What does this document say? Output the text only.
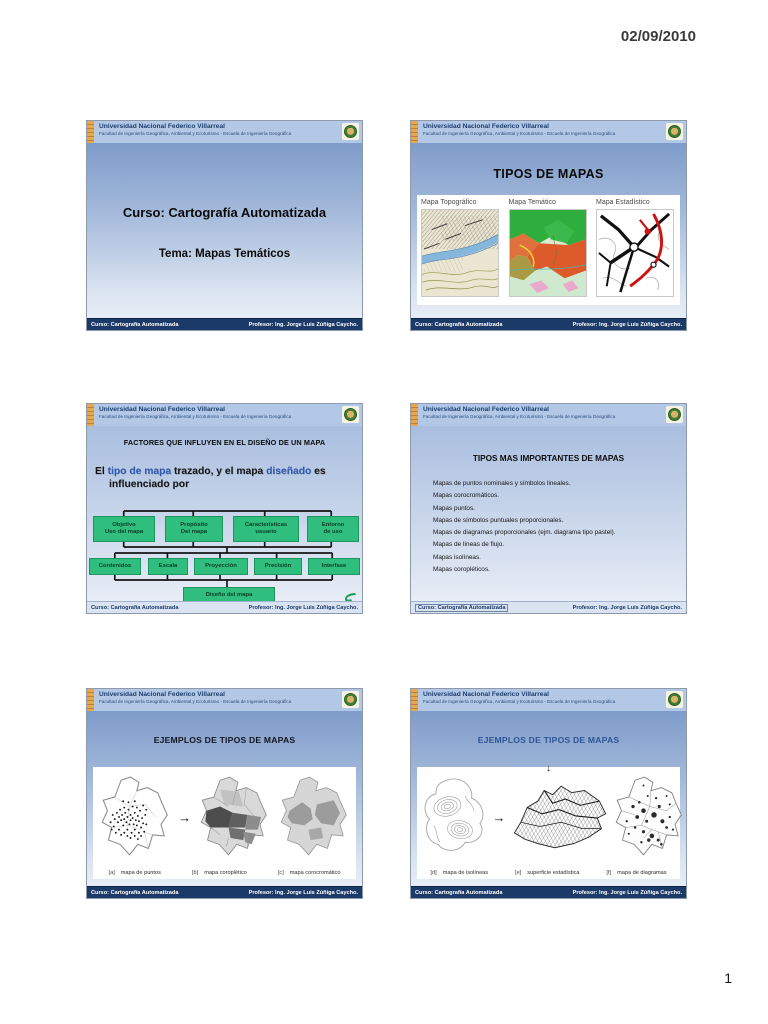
02/09/2010
1
Universidad Nacional Federico Villarreal
Facultad de Ingeniería Geográfica, Ambiental y Ecoturismo - Escuela de Ingeniería Geográfica
Curso: Cartografía Automatizada
Tema: Mapas Temáticos
Curso: Cartografía Automatizada	Profesor: Ing. Jorge Luis Zúñiga Caycho.
Universidad Nacional Federico Villarreal
Facultad de Ingeniería Geográfica, Ambiental y Ecoturismo - Escuela de Ingeniería Geográfica
TIPOS DE MAPAS
Mapa Topográfico	Mapa Temático	Mapa Estadístico
Curso: Cartografía Automatizada	Profesor: Ing. Jorge Luis Zúñiga Caycho.
Universidad Nacional Federico Villarreal
Facultad de Ingeniería Geográfica, Ambiental y Ecoturismo - Escuela de Ingeniería Geográfica
FACTORES QUE INFLUYEN EN EL DISEÑO DE UN MAPA
El tipo de mapa trazado, y el mapa diseñado es
influenciado por
Objetivo
Uso del mapa
Propósito
Del mapa
Características
usuario
Entorno
de uso
Contenidos	Escala	Proyección	Precisión	Interfase
Diseño del mapa
Curso: Cartografía Automatizada	Profesor: Ing. Jorge Luis Zúñiga Caycho.
Universidad Nacional Federico Villarreal
Facultad de Ingeniería Geográfica, Ambiental y Ecoturismo - Escuela de Ingeniería Geográfica
TIPOS MAS IMPORTANTES DE MAPAS
Mapas de puntos nominales y símbolos lineales.
Mapas corocromáticos.
Mapas puntos.
Mapas de símbolos puntuales proporcionales.
Mapas de diagramas proporcionales (ejm. diagrama tipo pastel).
Mapas de líneas de flujo.
Mapas isolíneas.
Mapas coropléticos.
Curso: Cartografía Automatizada	Profesor: Ing. Jorge Luis Zúñiga Caycho.
Universidad Nacional Federico Villarreal
Facultad de Ingeniería Geográfica, Ambiental y Ecoturismo - Escuela de Ingeniería Geográfica
EJEMPLOS DE TIPOS DE MAPAS
→
[a] mapa de puntos	[b] mapa coroplético	[c] mapa corocromático
Curso: Cartografía Automatizada	Profesor: Ing. Jorge Luis Zúñiga Caycho.
Universidad Nacional Federico Villarreal
Facultad de Ingeniería Geográfica, Ambiental y Ecoturismo - Escuela de Ingeniería Geográfica
EJEMPLOS DE TIPOS DE MAPAS
↓
→
[d] mapa de isolíneas	[e] superficie estadística	[f] mapa de diagramas
Curso: Cartografía Automatizada	Profesor: Ing. Jorge Luis Zúñiga Caycho.
